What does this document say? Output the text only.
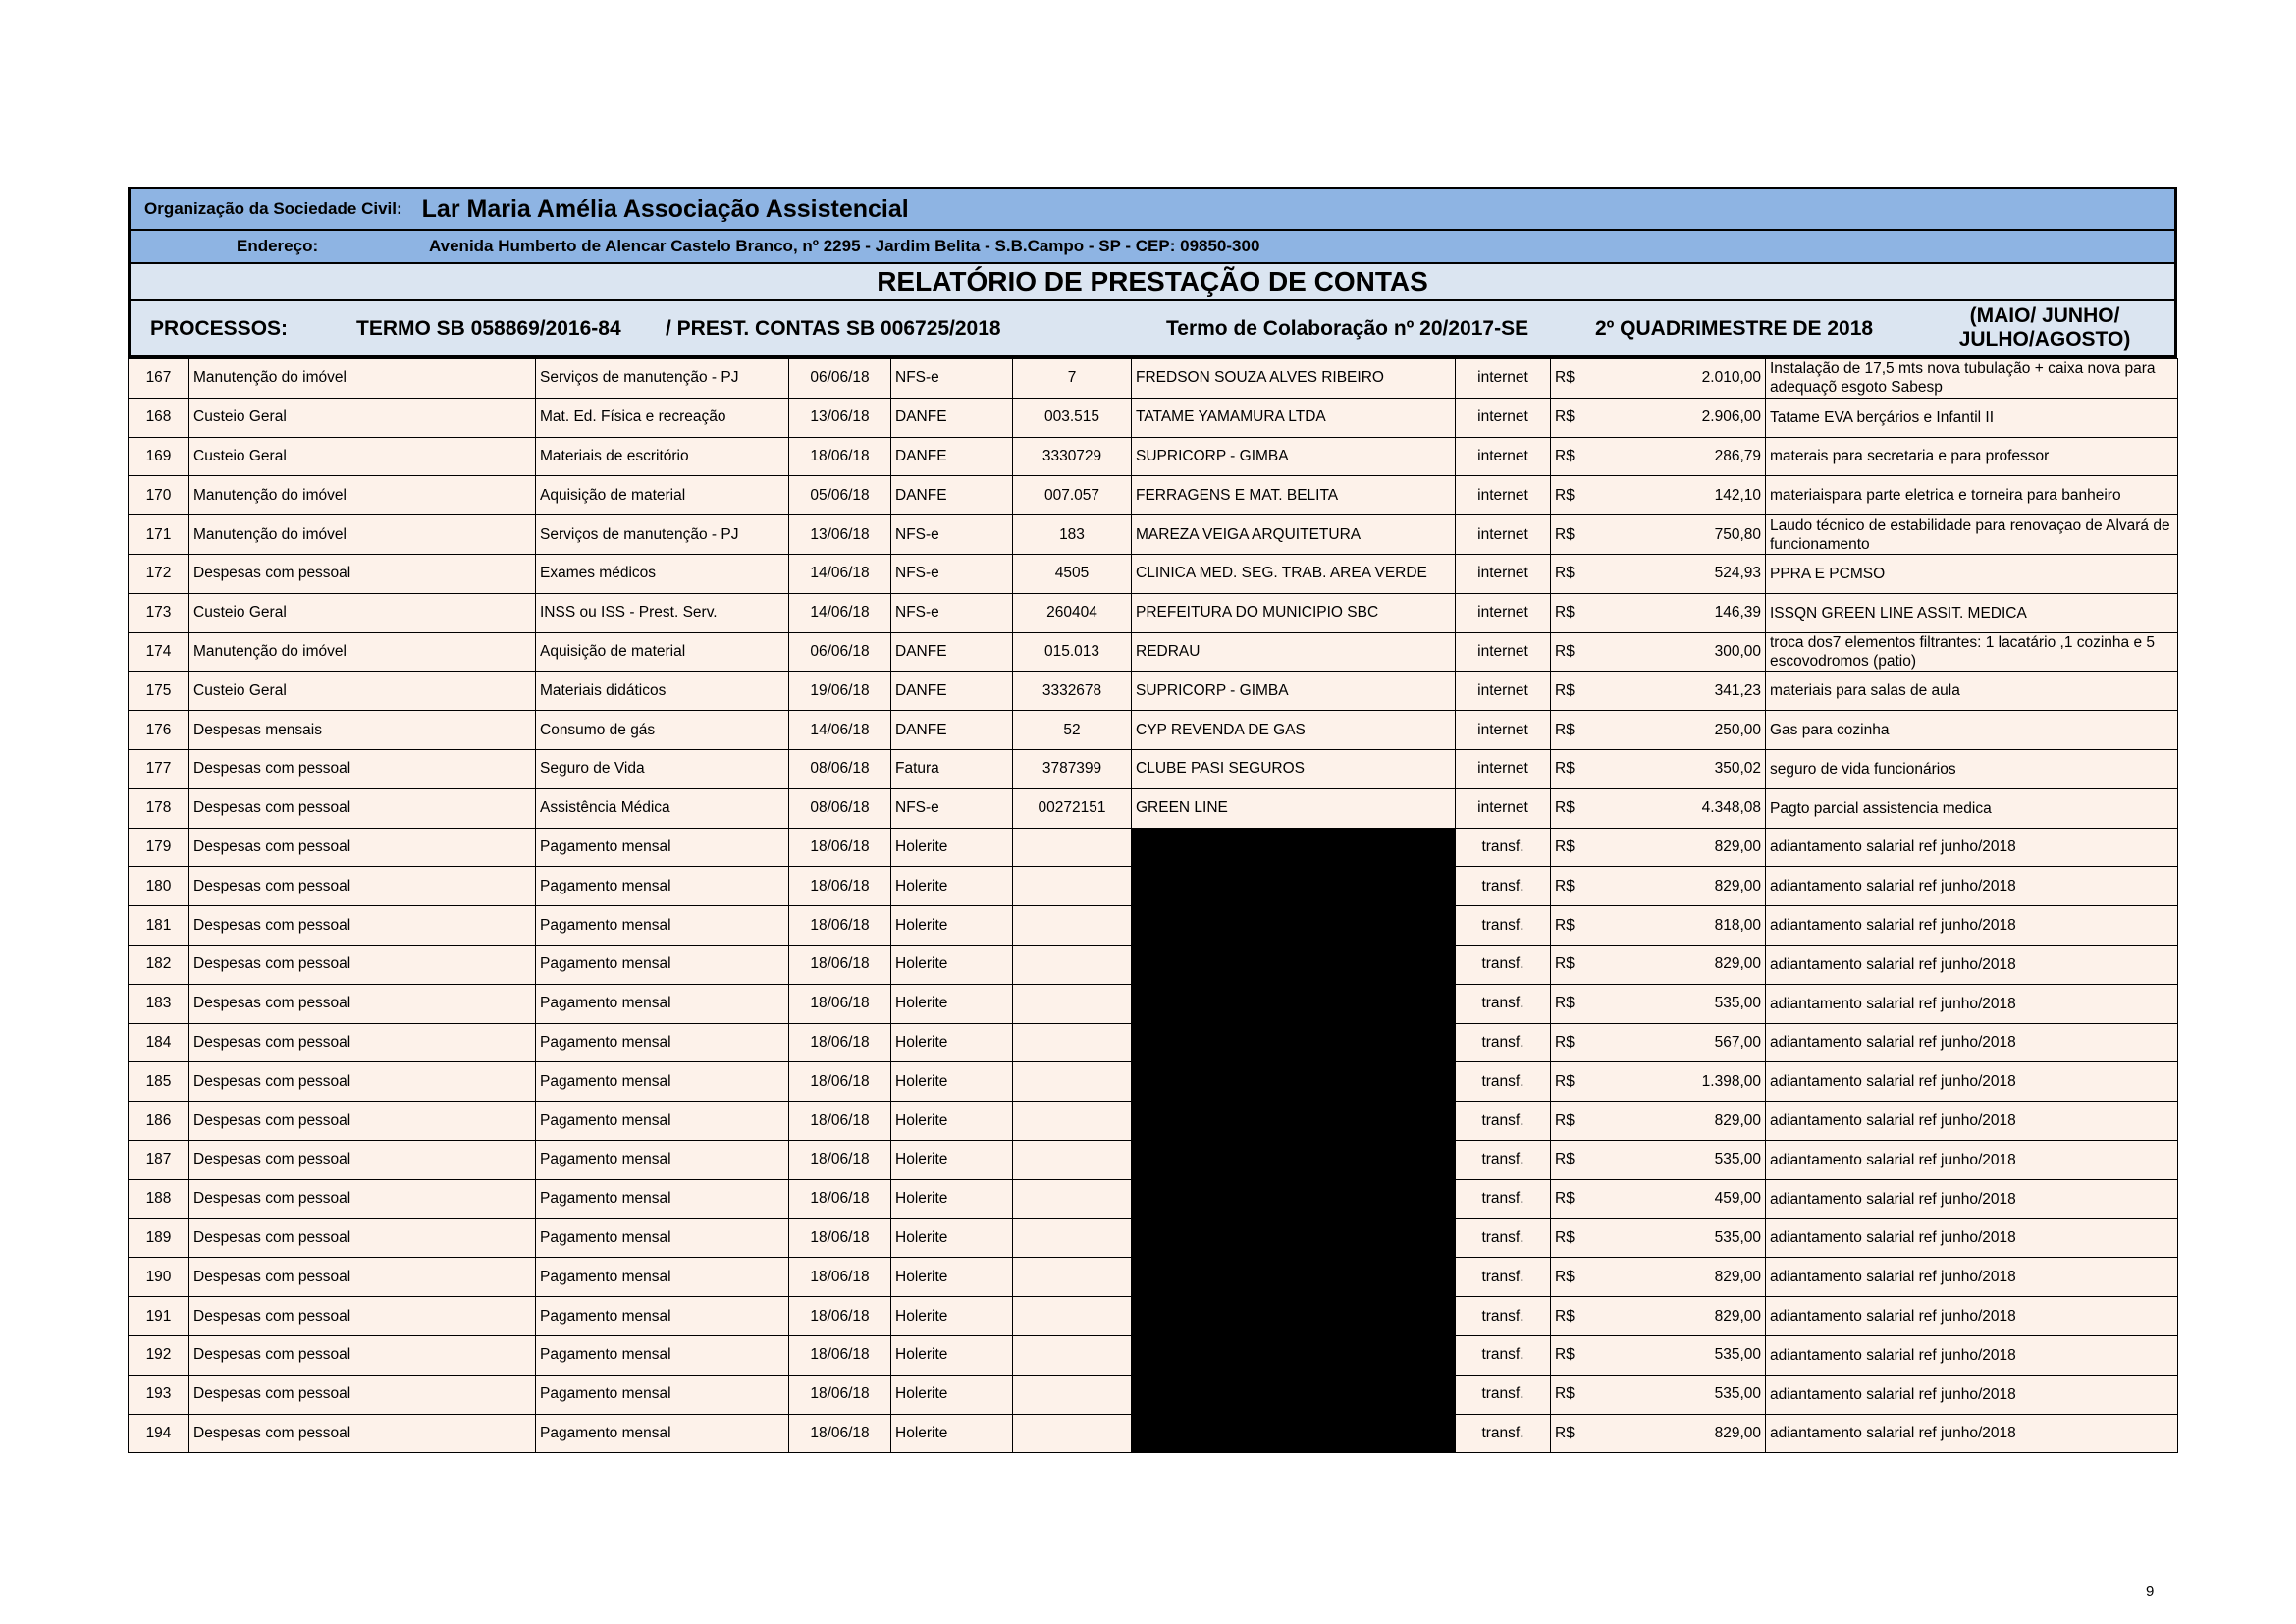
Organização da Sociedade Civil: Lar Maria Amélia Associação Assistencial
Endereço:	Avenida Humberto de Alencar Castelo Branco, nº 2295 - Jardim Belita - S.B.Campo - SP - CEP: 09850-300
RELATÓRIO DE PRESTAÇÃO DE CONTAS
PROCESSOS:	TERMO SB 058869/2016-84 / PREST. CONTAS SB 006725/2018	Termo de Colaboração nº 20/2017-SE	2º QUADRIMESTRE DE 2018
(MAIO/ JUNHO/
JULHO/AGOSTO)
167	Manutenção do imóvel	Serviços de manutenção - PJ	06/06/18	NFS-e	7	FREDSON SOUZA ALVES RIBEIRO	internet	R$	2.010,00	Instalação de 17,5 mts nova tubulação + caixa nova para adequaçõ esgoto Sabesp
168	Custeio Geral	Mat. Ed. Física e recreação	13/06/18	DANFE	003.515	TATAME YAMAMURA LTDA	internet	R$	2.906,00	Tatame EVA berçários e Infantil II
169	Custeio Geral	Materiais de escritório	18/06/18	DANFE	3330729	SUPRICORP - GIMBA	internet	R$	286,79	materais para secretaria e para professor
170	Manutenção do imóvel	Aquisição de material	05/06/18	DANFE	007.057	FERRAGENS E MAT. BELITA	internet	R$	142,10	materiaispara parte eletrica e torneira para banheiro
171	Manutenção do imóvel	Serviços de manutenção - PJ	13/06/18	NFS-e	183	MAREZA VEIGA ARQUITETURA	internet	R$	750,80	Laudo técnico de estabilidade para renovaçao de Alvará de funcionamento
172	Despesas com pessoal	Exames médicos	14/06/18	NFS-e	4505	CLINICA MED. SEG. TRAB. AREA VERDE	internet	R$	524,93	PPRA E PCMSO
173	Custeio Geral	INSS ou ISS - Prest. Serv.	14/06/18	NFS-e	260404	PREFEITURA DO MUNICIPIO SBC	internet	R$	146,39	ISSQN GREEN LINE ASSIT. MEDICA
174	Manutenção do imóvel	Aquisição de material	06/06/18	DANFE	015.013	REDRAU	internet	R$	300,00	troca dos7 elementos filtrantes: 1 lacatário ,1 cozinha e 5 escovodromos (patio)
175	Custeio Geral	Materiais didáticos	19/06/18	DANFE	3332678	SUPRICORP - GIMBA	internet	R$	341,23	materiais para salas de aula
176	Despesas mensais	Consumo de gás	14/06/18	DANFE	52	CYP REVENDA DE GAS	internet	R$	250,00	Gas para cozinha
177	Despesas com pessoal	Seguro de Vida	08/06/18	Fatura	3787399	CLUBE PASI SEGUROS	internet	R$	350,02	seguro de vida funcionários
178	Despesas com pessoal	Assistência Médica	08/06/18	NFS-e	00272151	GREEN LINE	internet	R$	4.348,08	Pagto parcial assistencia medica
179	Despesas com pessoal	Pagamento mensal	18/06/18	Holerite			transf.	R$	829,00	adiantamento salarial ref junho/2018
180	Despesas com pessoal	Pagamento mensal	18/06/18	Holerite			transf.	R$	829,00	adiantamento salarial ref junho/2018
181	Despesas com pessoal	Pagamento mensal	18/06/18	Holerite			transf.	R$	818,00	adiantamento salarial ref junho/2018
182	Despesas com pessoal	Pagamento mensal	18/06/18	Holerite			transf.	R$	829,00	adiantamento salarial ref junho/2018
183	Despesas com pessoal	Pagamento mensal	18/06/18	Holerite			transf.	R$	535,00	adiantamento salarial ref junho/2018
184	Despesas com pessoal	Pagamento mensal	18/06/18	Holerite			transf.	R$	567,00	adiantamento salarial ref junho/2018
185	Despesas com pessoal	Pagamento mensal	18/06/18	Holerite			transf.	R$	1.398,00	adiantamento salarial ref junho/2018
186	Despesas com pessoal	Pagamento mensal	18/06/18	Holerite			transf.	R$	829,00	adiantamento salarial ref junho/2018
187	Despesas com pessoal	Pagamento mensal	18/06/18	Holerite			transf.	R$	535,00	adiantamento salarial ref junho/2018
188	Despesas com pessoal	Pagamento mensal	18/06/18	Holerite			transf.	R$	459,00	adiantamento salarial ref junho/2018
189	Despesas com pessoal	Pagamento mensal	18/06/18	Holerite			transf.	R$	535,00	adiantamento salarial ref junho/2018
190	Despesas com pessoal	Pagamento mensal	18/06/18	Holerite			transf.	R$	829,00	adiantamento salarial ref junho/2018
191	Despesas com pessoal	Pagamento mensal	18/06/18	Holerite			transf.	R$	829,00	adiantamento salarial ref junho/2018
192	Despesas com pessoal	Pagamento mensal	18/06/18	Holerite			transf.	R$	535,00	adiantamento salarial ref junho/2018
193	Despesas com pessoal	Pagamento mensal	18/06/18	Holerite			transf.	R$	535,00	adiantamento salarial ref junho/2018
194	Despesas com pessoal	Pagamento mensal	18/06/18	Holerite			transf.	R$	829,00	adiantamento salarial ref junho/2018
9
